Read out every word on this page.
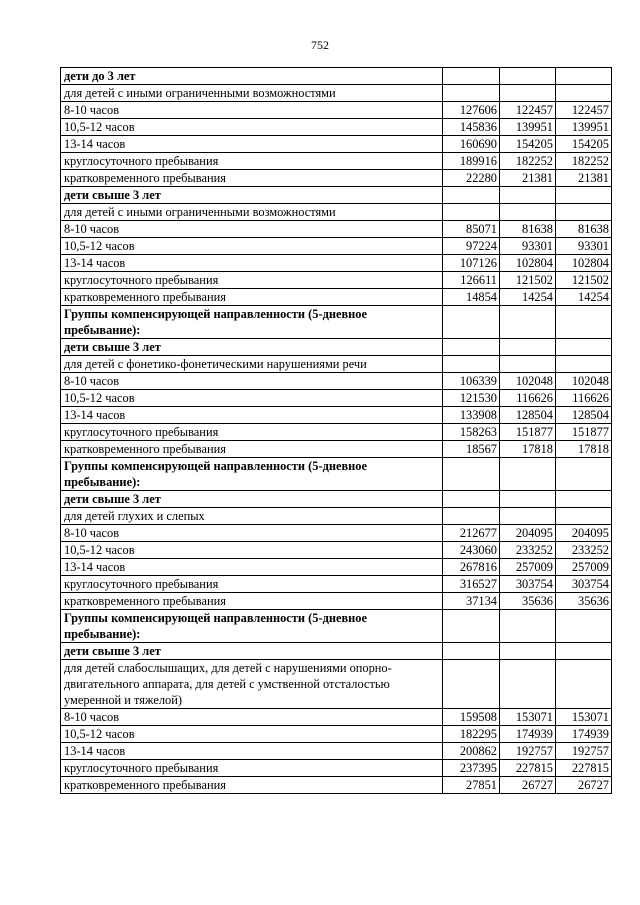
752
дети до 3 лет			
для детей с иными ограниченными возможностями			
8-10 часов	127606	122457	122457
10,5-12 часов	145836	139951	139951
13-14 часов	160690	154205	154205
круглосуточного пребывания	189916	182252	182252
кратковременного пребывания	22280	21381	21381
дети свыше 3 лет			
для детей с иными ограниченными возможностями			
8-10 часов	85071	81638	81638
10,5-12 часов	97224	93301	93301
13-14 часов	107126	102804	102804
круглосуточного пребывания	126611	121502	121502
кратковременного пребывания	14854	14254	14254
Группы компенсирующей направленности (5-дневное пребывание):			
дети свыше 3 лет			
для детей с фонетико-фонетическими нарушениями речи			
8-10 часов	106339	102048	102048
10,5-12 часов	121530	116626	116626
13-14 часов	133908	128504	128504
круглосуточного пребывания	158263	151877	151877
кратковременного пребывания	18567	17818	17818
Группы компенсирующей направленности (5-дневное пребывание):			
дети свыше 3 лет			
для детей глухих и слепых			
8-10 часов	212677	204095	204095
10,5-12 часов	243060	233252	233252
13-14 часов	267816	257009	257009
круглосуточного пребывания	316527	303754	303754
кратковременного пребывания	37134	35636	35636
Группы компенсирующей направленности (5-дневное пребывание):			
дети свыше 3 лет			
для детей слабослышащих, для детей с нарушениями опорно-двигательного аппарата, для детей с умственной отсталостью умеренной и тяжелой)			
8-10 часов	159508	153071	153071
10,5-12 часов	182295	174939	174939
13-14 часов	200862	192757	192757
круглосуточного пребывания	237395	227815	227815
кратковременного пребывания	27851	26727	26727
